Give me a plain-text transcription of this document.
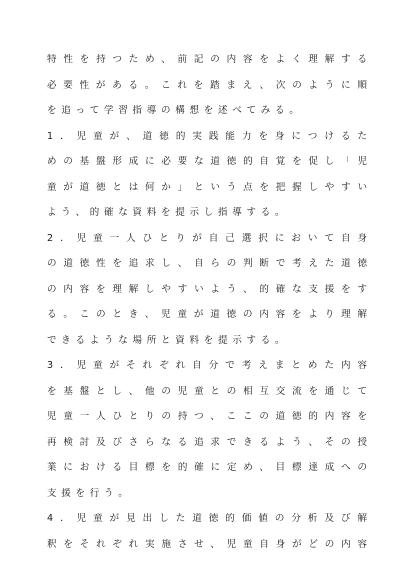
特性を持つため、前記の内容をよく理解する

必要性がある。これを踏まえ、次のように順

を追って学習指導の構想を述べてみる。

1．児童が、道徳的実践能力を身につけるた

めの基盤形成に必要な道徳的自覚を促し「児

童が道徳とは何か」という点を把握しやすい

よう、的確な資料を提示し指導する。

2．児童一人ひとりが自己選択において自身

の道徳性を追求し、自らの判断で考えた道徳

の内容を理解しやすいよう、的確な支援をす

る。このとき、児童が道徳の内容をより理解

できるような場所と資料を提示する。

3．児童がそれぞれ自分で考えまとめた内容

を基盤とし、他の児童との相互交流を通じて

児童一人ひとりの持つ、ここの道徳的内容を

再検討及びさらなる追求できるよう、その授

業における目標を的確に定め、目標達成への

支援を行う。

4．児童が見出した道徳的価値の分析及び解

釈をそれぞれ実施させ、児童自身がどの内容
